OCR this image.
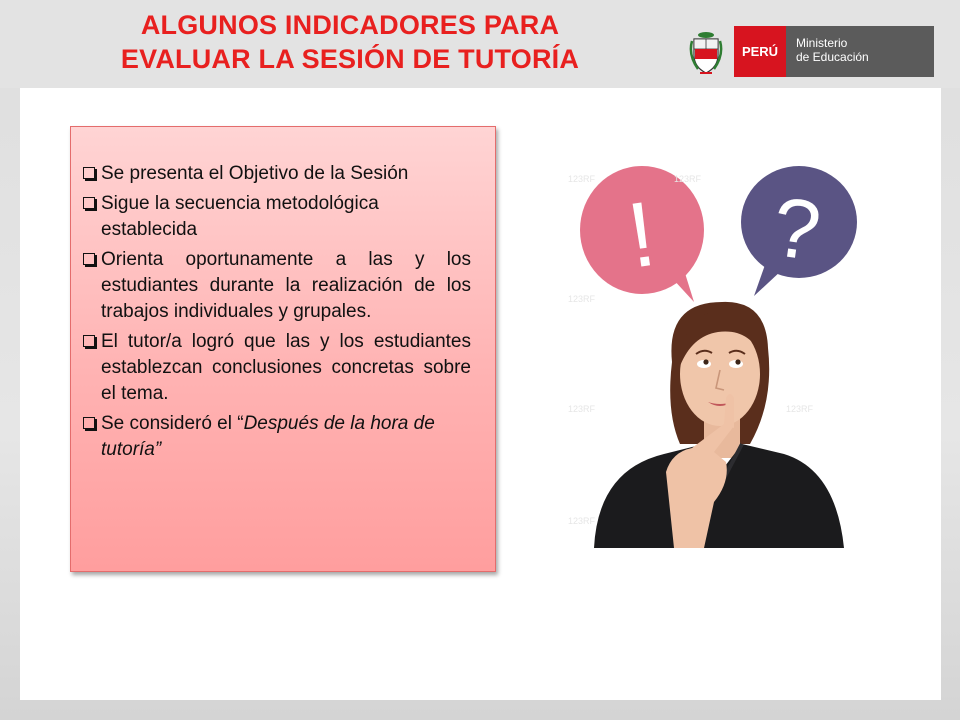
ALGUNOS INDICADORES PARA
EVALUAR LA SESIÓN DE TUTORÍA	PERÚ
Ministerio
de Educación
Se presenta el Objetivo de la Sesión
Sigue la secuencia metodológica establecida
Orienta oportunamente a las y los estudiantes durante la realización de los trabajos individuales y grupales.
El tutor/a logró que las y los estudiantes establezcan conclusiones concretas sobre el tema.
Se consideró el “Después de la hora de tutoría”
! ?
123RF	123RF
123RF
123RF	123RF
123RF
